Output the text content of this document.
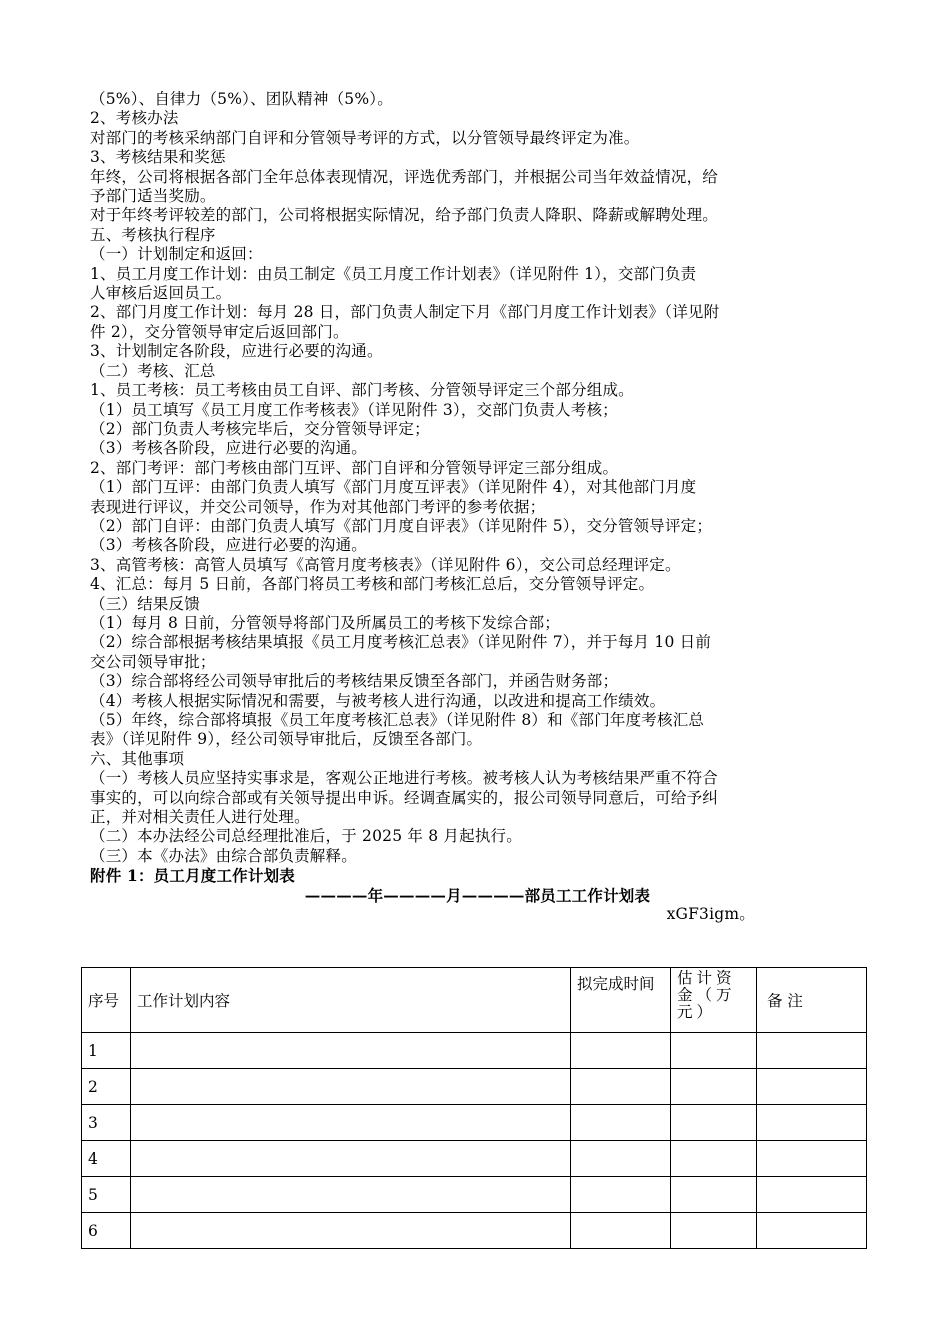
（5%）、自律力（5%）、团队精神（5%）。
2、考核办法
对部门的考核采纳部门自评和分管领导考评的方式，以分管领导最终评定为准。
3、考核结果和奖惩
年终，公司将根据各部门全年总体表现情况，评选优秀部门，并根据公司当年效益情况，给
予部门适当奖励。
对于年终考评较差的部门，公司将根据实际情况，给予部门负责人降职、降薪或解聘处理。
五、考核执行程序
（一）计划制定和返回：
1、员工月度工作计划：由员工制定《员工月度工作计划表》（详见附件 1），交部门负责
人审核后返回员工。
2、部门月度工作计划：每月 28 日，部门负责人制定下月《部门月度工作计划表》（详见附
件 2），交分管领导审定后返回部门。
3、计划制定各阶段，应进行必要的沟通。
（二）考核、汇总
1、员工考核：员工考核由员工自评、部门考核、分管领导评定三个部分组成。
（1）员工填写《员工月度工作考核表》（详见附件 3），交部门负责人考核；
（2）部门负责人考核完毕后，交分管领导评定；
（3）考核各阶段，应进行必要的沟通。
2、部门考评：部门考核由部门互评、部门自评和分管领导评定三部分组成。
（1）部门互评：由部门负责人填写《部门月度互评表》（详见附件 4），对其他部门月度
表现进行评议，并交公司领导，作为对其他部门考评的参考依据；
（2）部门自评：由部门负责人填写《部门月度自评表》（详见附件 5），交分管领导评定；
（3）考核各阶段，应进行必要的沟通。
3、高管考核：高管人员填写《高管月度考核表》（详见附件 6），交公司总经理评定。
4、汇总：每月 5 日前，各部门将员工考核和部门考核汇总后，交分管领导评定。
（三）结果反馈
（1）每月 8 日前，分管领导将部门及所属员工的考核下发综合部；
（2）综合部根据考核结果填报《员工月度考核汇总表》（详见附件 7），并于每月 10 日前
交公司领导审批；
（3）综合部将经公司领导审批后的考核结果反馈至各部门，并函告财务部；
（4）考核人根据实际情况和需要，与被考核人进行沟通，以改进和提高工作绩效。
（5）年终，综合部将填报《员工年度考核汇总表》（详见附件 8）和《部门年度考核汇总
表》（详见附件 9），经公司领导审批后，反馈至各部门。
六、其他事项
（一）考核人员应坚持实事求是，客观公正地进行考核。被考核人认为考核结果严重不符合
事实的，可以向综合部或有关领导提出申诉。经调查属实的，报公司领导同意后，可给予纠
正，并对相关责任人进行处理。
（二）本办法经公司总经理批准后，于 2025 年 8 月起执行。
（三）本《办法》由综合部负责解释。
附件 1：员工月度工作计划表
————年————月————部员工工作计划表
xGF3igm。
序号	工作计划内容	拟完成时间	估计资金（万元）	备 注
1				
2				
3				
4				
5				
6				
